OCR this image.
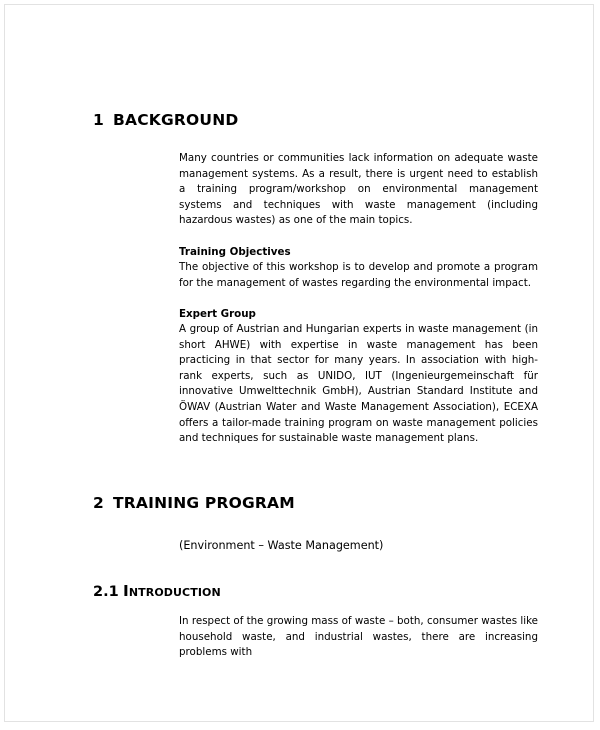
1 BACKGROUND

Many countries or communities lack information on adequate waste management systems. As a result, there is urgent need to establish a training program/workshop on environmental management systems and techniques with waste management (including hazardous wastes) as one of the main topics.

Training Objectives

The objective of this workshop is to develop and promote a program for the management of wastes regarding the environmental impact.

Expert Group

A group of Austrian and Hungarian experts in waste management (in short AHWE) with expertise in waste management has been practicing in that sector for many years. In association with high-rank experts, such as UNIDO, IUT (Ingenieurgemeinschaft für innovative Umwelttechnik GmbH), Austrian Standard Institute and ÖWAV (Austrian Water and Waste Management Association), ECEXA offers a tailor-made training program on waste management policies and techniques for sustainable waste management plans.

2 TRAINING PROGRAM
(Environment – Waste Management)
2.1 Introduction

In respect of the growing mass of waste – both, consumer wastes like household waste, and industrial wastes, there are increasing problems with
